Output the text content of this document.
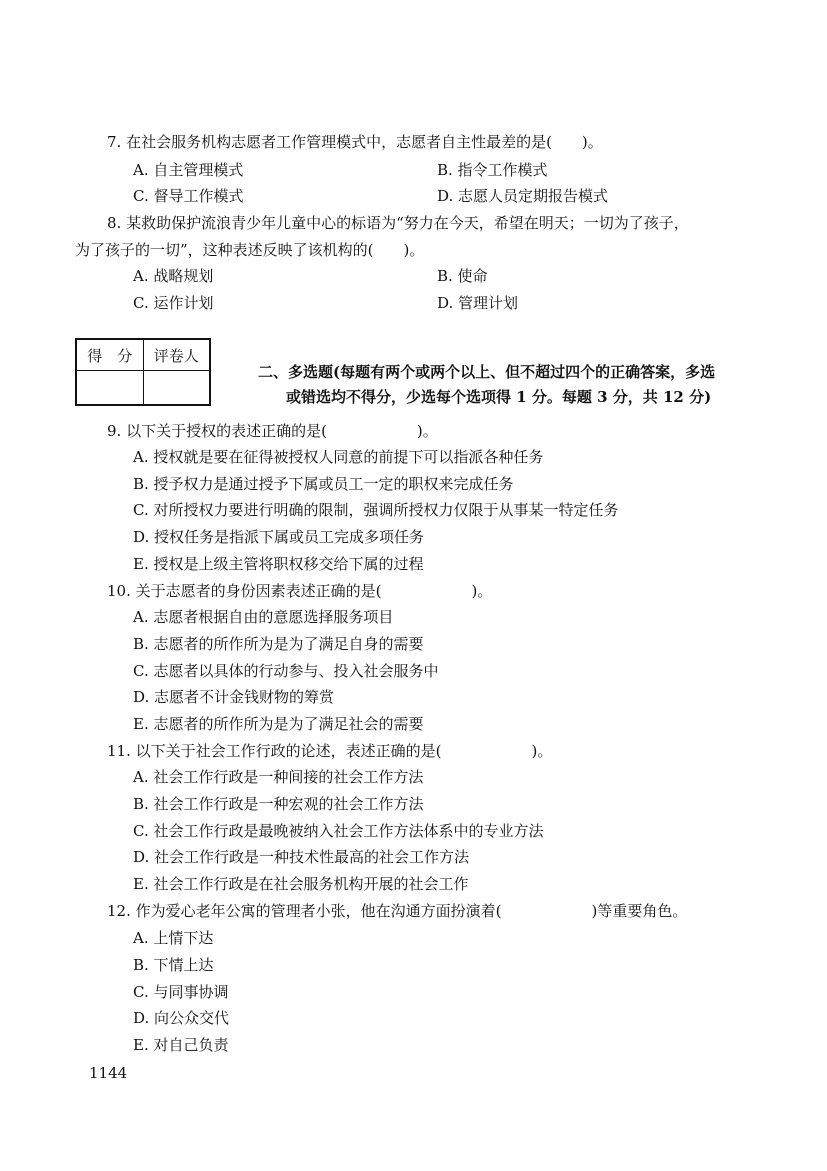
7. 在社会服务机构志愿者工作管理模式中，志愿者自主性最差的是(　　)。
A. 自主管理模式	B. 指令工作模式
C. 督导工作模式	D. 志愿人员定期报告模式
8. 某救助保护流浪青少年儿童中心的标语为“努力在今天，希望在明天；一切为了孩子，
为了孩子的一切”，这种表述反映了该机构的(　　)。
A. 战略规划	B. 使命
C. 运作计划	D. 管理计划
得　分	评卷人

二、多选题(每题有两个或两个以上、但不超过四个的正确答案，多选
或错选均不得分，少选每个选项得 1 分。每题 3 分，共 12 分)
9. 以下关于授权的表述正确的是(　　　　　　)。
A. 授权就是要在征得被授权人同意的前提下可以指派各种任务
B. 授予权力是通过授予下属或员工一定的职权来完成任务
C. 对所授权力要进行明确的限制，强调所授权力仅限于从事某一特定任务
D. 授权任务是指派下属或员工完成多项任务
E. 授权是上级主管将职权移交给下属的过程
10. 关于志愿者的身份因素表述正确的是(　　　　　　)。
A. 志愿者根据自由的意愿选择服务项目
B. 志愿者的所作所为是为了满足自身的需要
C. 志愿者以具体的行动参与、投入社会服务中
D. 志愿者不计金钱财物的筹赏
E. 志愿者的所作所为是为了满足社会的需要
11. 以下关于社会工作行政的论述，表述正确的是(　　　　　　)。
A. 社会工作行政是一种间接的社会工作方法
B. 社会工作行政是一种宏观的社会工作方法
C. 社会工作行政是最晚被纳入社会工作方法体系中的专业方法
D. 社会工作行政是一种技术性最高的社会工作方法
E. 社会工作行政是在社会服务机构开展的社会工作
12. 作为爱心老年公寓的管理者小张，他在沟通方面扮演着(　　　　　　)等重要角色。
A. 上情下达
B. 下情上达
C. 与同事协调
D. 向公众交代
E. 对自己负责
1144
